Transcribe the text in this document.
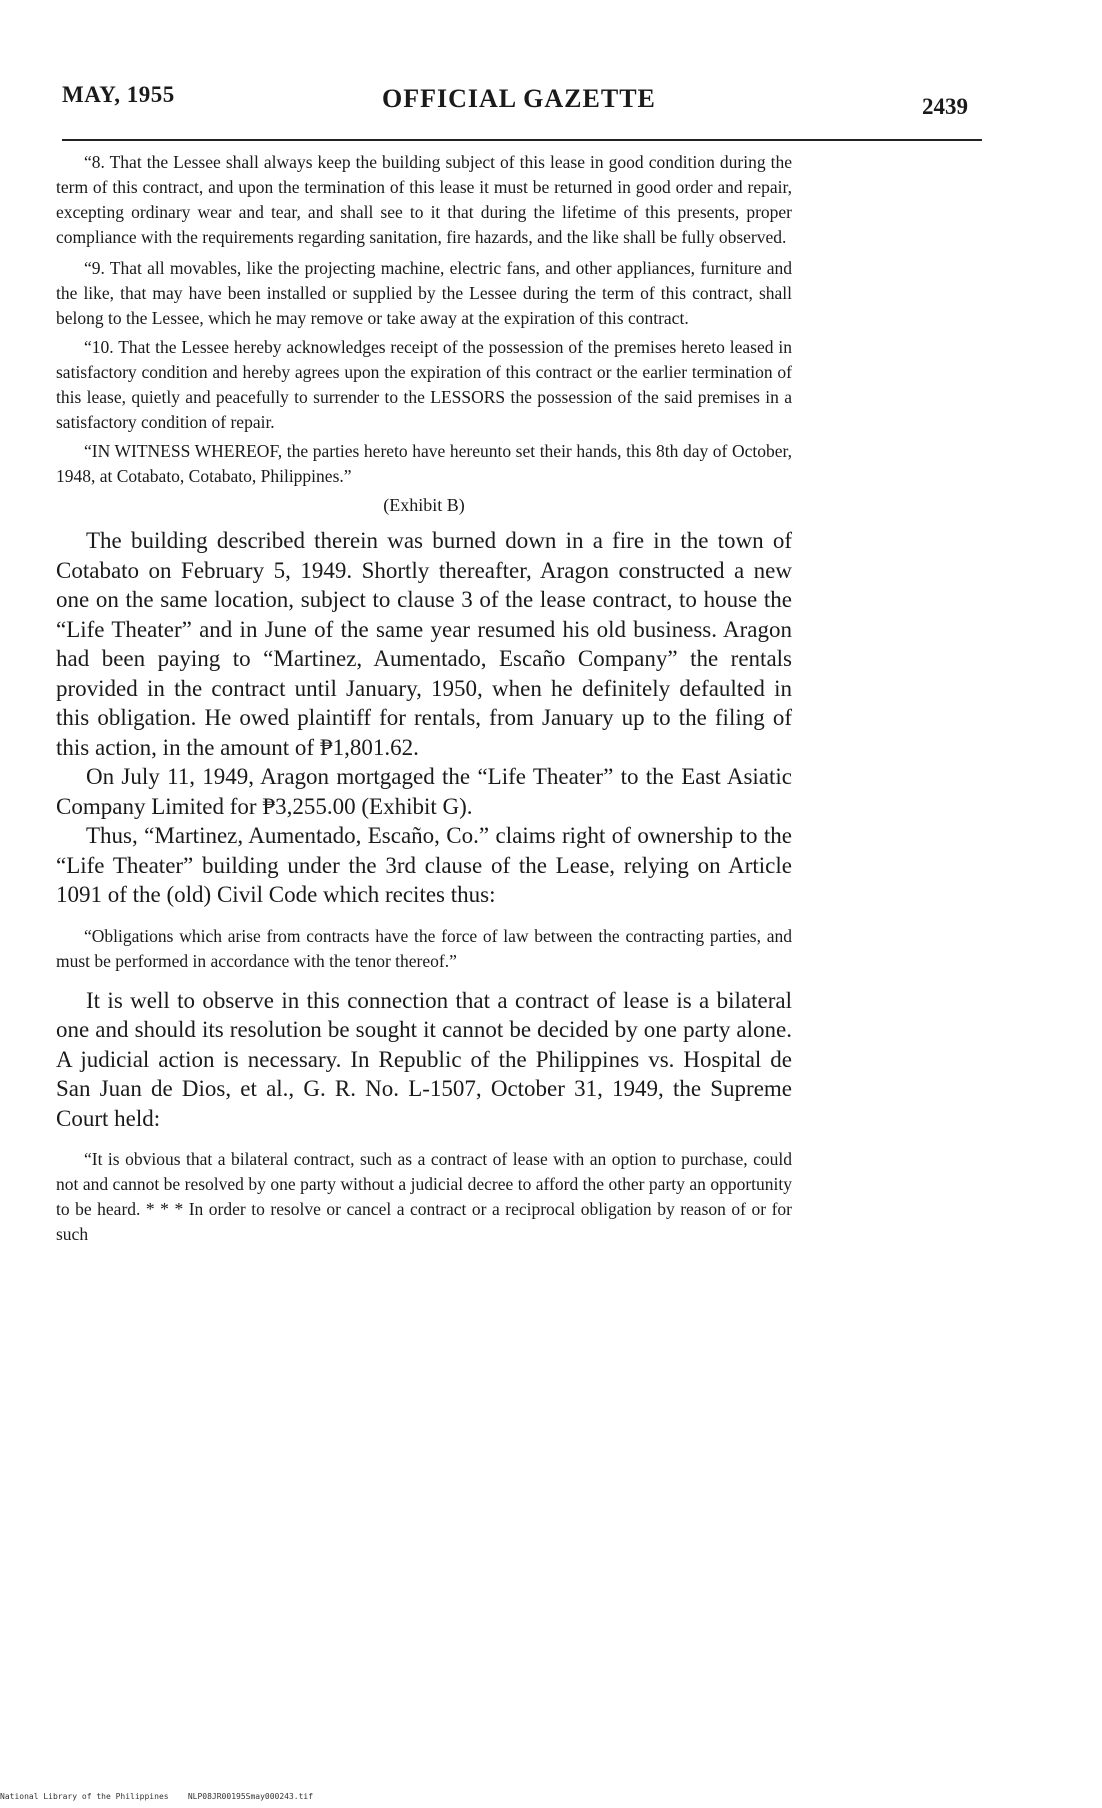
MAY, 1955	OFFICIAL GAZETTE	2439

“8. That the Lessee shall always keep the building subject of this lease in good condition during the term of this contract, and upon the termination of this lease it must be returned in good order and repair, excepting ordinary wear and tear, and shall see to it that during the lifetime of this presents, proper compliance with the requirements regarding sanitation, fire hazards, and the like shall be fully observed.

“9. That all movables, like the projecting machine, electric fans, and other appliances, furniture and the like, that may have been installed or supplied by the Lessee during the term of this contract, shall belong to the Lessee, which he may remove or take away at the expiration of this contract.

“10. That the Lessee hereby acknowledges receipt of the possession of the premises hereto leased in satisfactory condition and hereby agrees upon the expiration of this contract or the earlier termination of this lease, quietly and peacefully to surrender to the LESSORS the possession of the said premises in a satisfactory condition of repair.

“IN WITNESS WHEREOF, the parties hereto have hereunto set their hands, this 8th day of October, 1948, at Cotabato, Cotabato, Philippines.”

(Exhibit B)

The building described therein was burned down in a fire in the town of Cotabato on February 5, 1949. Shortly thereafter, Aragon constructed a new one on the same location, subject to clause 3 of the lease contract, to house the “Life Theater” and in June of the same year resumed his old business. Aragon had been paying to “Martinez, Aumentado, Escaño Company” the rentals provided in the contract until January, 1950, when he definitely defaulted in this obligation. He owed plaintiff for rentals, from January up to the filing of this action, in the amount of ₱1,801.62.

On July 11, 1949, Aragon mortgaged the “Life Theater” to the East Asiatic Company Limited for ₱3,255.00 (Exhibit G).

Thus, “Martinez, Aumentado, Escaño, Co.” claims right of ownership to the “Life Theater” building under the 3rd clause of the Lease, relying on Article 1091 of the (old) Civil Code which recites thus:

“Obligations which arise from contracts have the force of law between the contracting parties, and must be performed in accordance with the tenor thereof.”

It is well to observe in this connection that a contract of lease is a bilateral one and should its resolution be sought it cannot be decided by one party alone. A judicial action is necessary. In Republic of the Philippines vs. Hospital de San Juan de Dios, et al., G. R. No. L-1507, October 31, 1949, the Supreme Court held:

“It is obvious that a bilateral contract, such as a contract of lease with an option to purchase, could not and cannot be resolved by one party without a judicial decree to afford the other party an opportunity to be heard. * * * In order to resolve or cancel a contract or a reciprocal obligation by reason of or for such

National Library of the Philippines    NLP08JR00195Smay000243.tif
